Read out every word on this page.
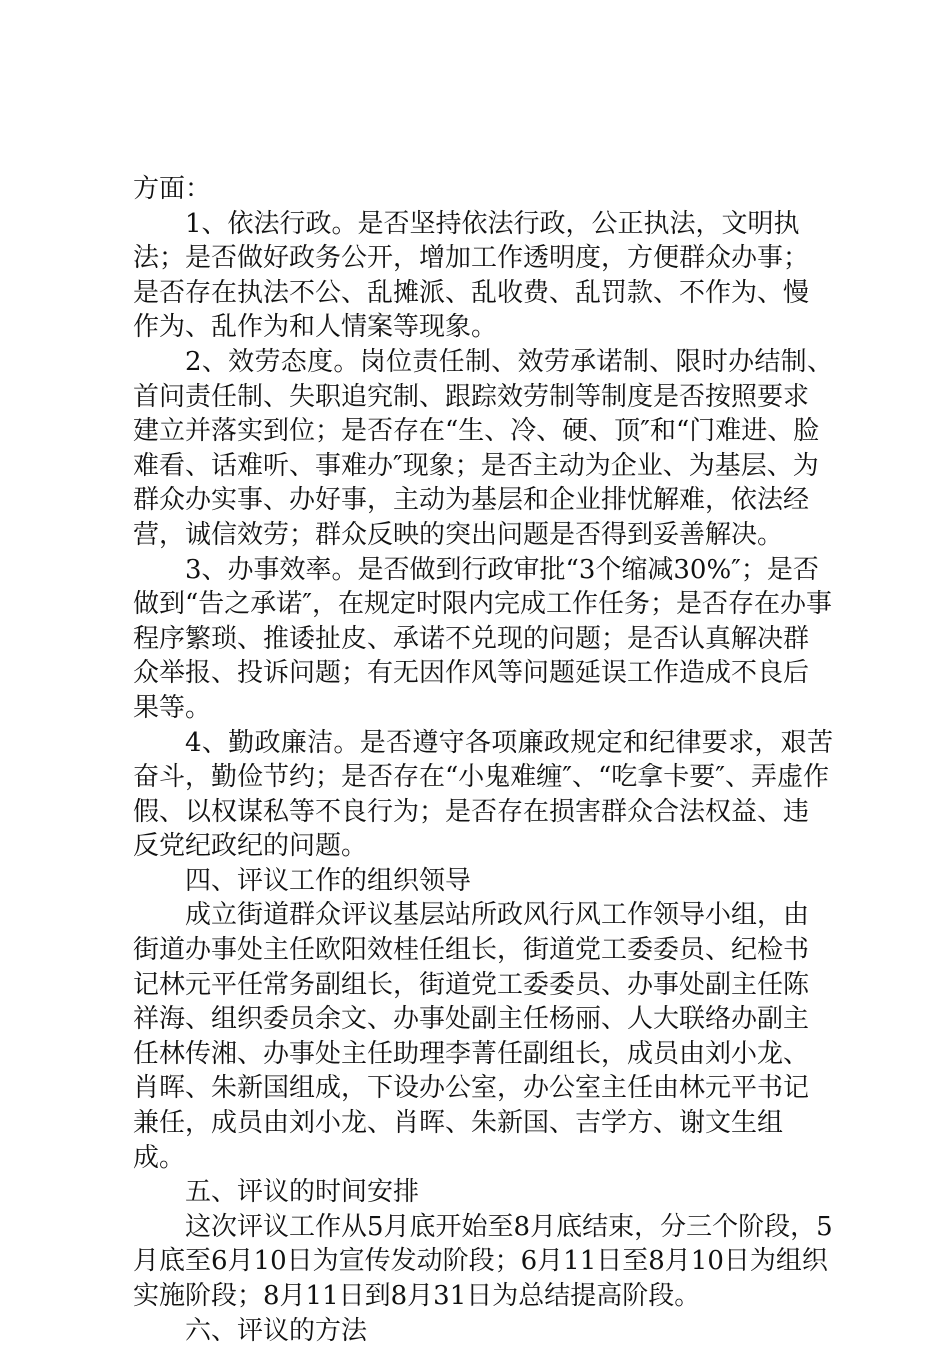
方面：

1、依法行政。是否坚持依法行政，公正执法，文明执法；是否做好政务公开，增加工作透明度，方便群众办事；是否存在执法不公、乱摊派、乱收费、乱罚款、不作为、慢作为、乱作为和人情案等现象。

2、效劳态度。岗位责任制、效劳承诺制、限时办结制、

首问责任制、失职追究制、跟踪效劳制等制度是否按照要求建立并落实到位；是否存在“生、冷、硬、顶″和“门难进、脸难看、话难听、事难办″现象；是否主动为企业、为基层、为群众办实事、办好事，主动为基层和企业排忧解难，依法经营，诚信效劳；群众反映的突出问题是否得到妥善解决。

3、办事效率。是否做到行政审批“3个缩减30%″；是否做到“告之承诺″，在规定时限内完成工作任务；是否存在办事程序繁琐、推诿扯皮、承诺不兑现的问题；是否认真解决群众举报、投诉问题；有无因作风等问题延误工作造成不良后果等。

4、勤政廉洁。是否遵守各项廉政规定和纪律要求，艰苦

奋斗，勤俭节约；是否存在“小鬼难缠″、“吃拿卡要″、弄虚作假、以权谋私等不良行为；是否存在损害群众合法权益、违反党纪政纪的问题。

四、评议工作的组织领导

成立街道群众评议基层站所政风行风工作领导小组，由街道办事处主任欧阳效桂任组长，街道党工委委员、纪检书记林元平任常务副组长，街道党工委委员、办事处副主任陈祥海、组织委员余文、办事处副主任杨丽、人大联络办副主任林传湘、办事处主任助理李菁任副组长，成员由刘小龙、肖晖、朱新国组成，下设办公室，办公室主任由林元平书记兼任，成员由刘小龙、肖晖、朱新国、吉学方、谢文生组成。

五、评议的时间安排

这次评议工作从5月底开始至8月底结束，分三个阶段，5月底至6月10日为宣传发动阶段；6月11日至8月10日为组织实施阶段；8月11日到8月31日为总结提高阶段。

六、评议的方法
